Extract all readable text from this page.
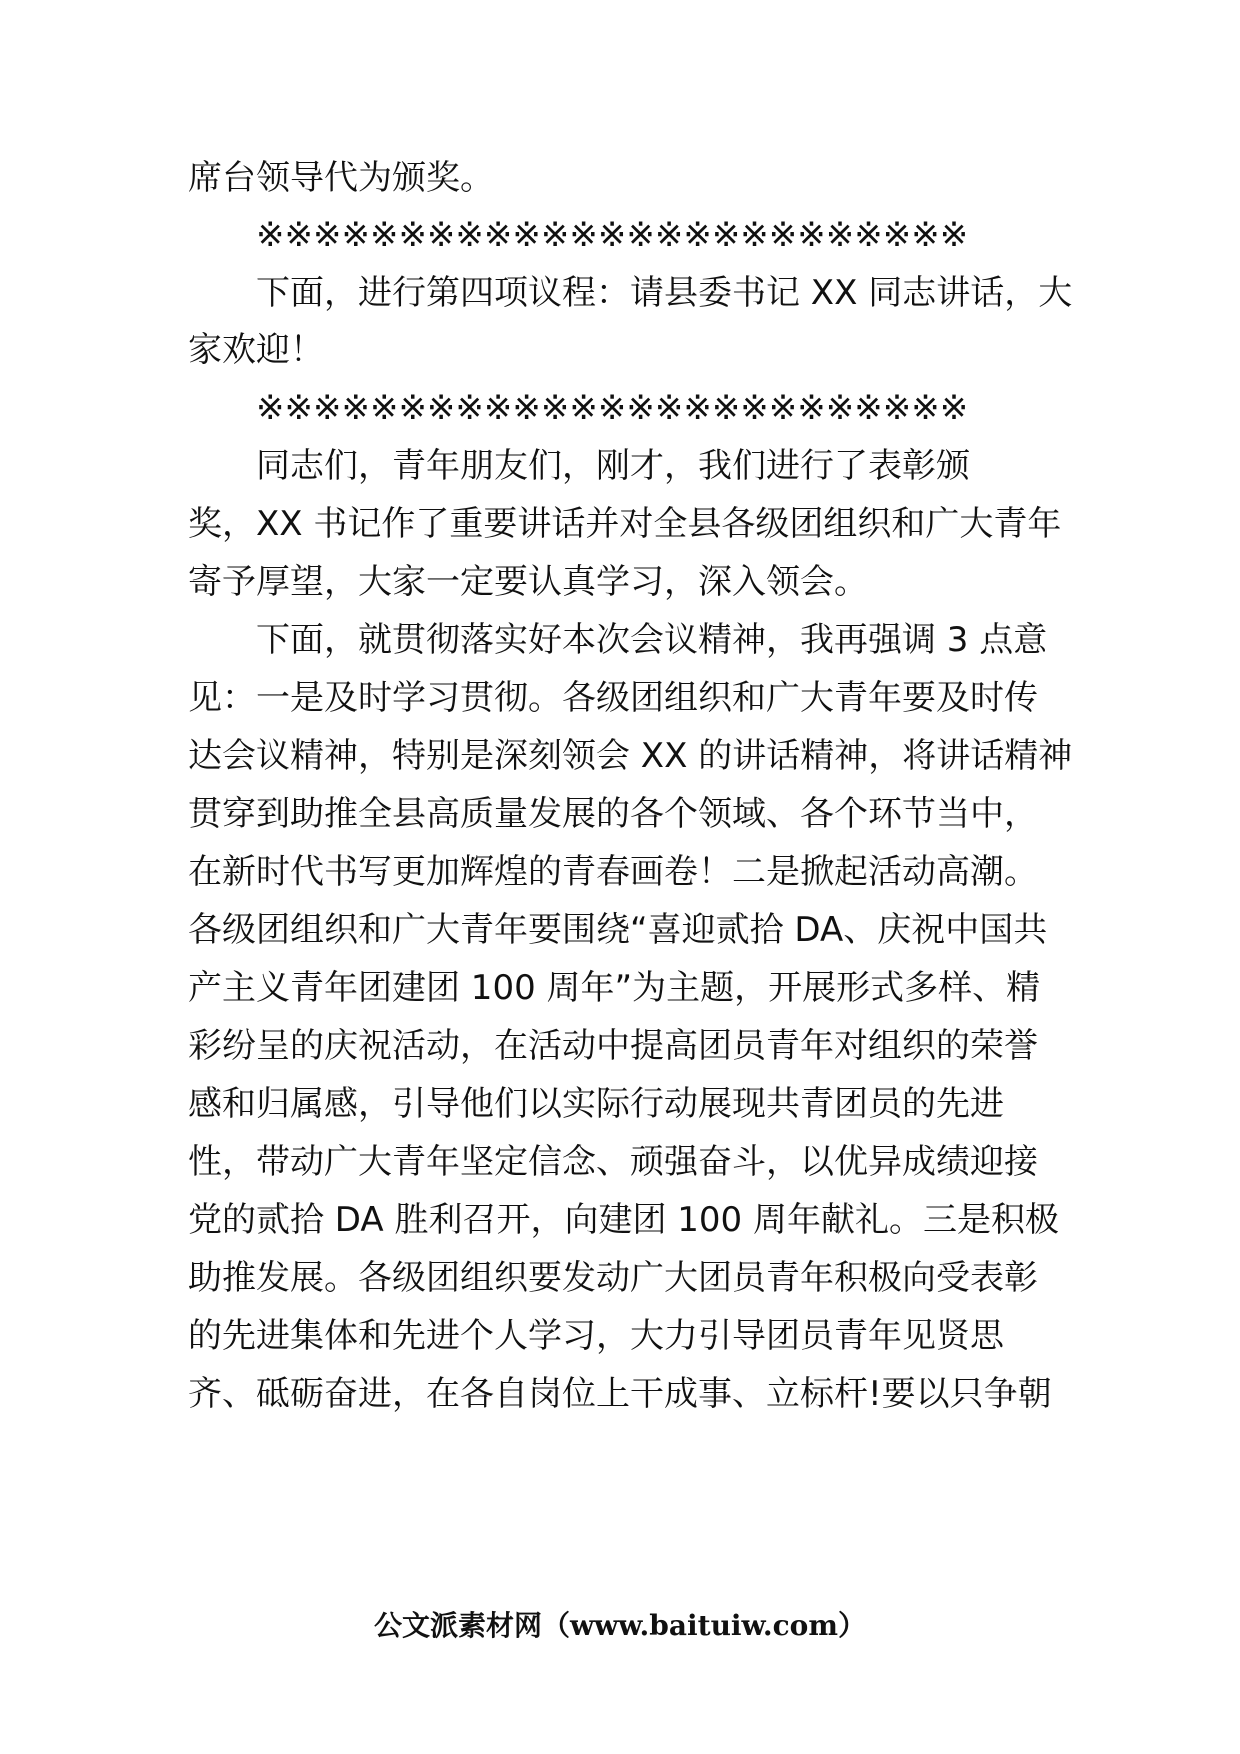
席台领导代为颁奖。
※※※※※※※※※※※※※※※※※※※※※※※※※
下面，进行第四项议程：请县委书记 XX 同志讲话，大
家欢迎！
※※※※※※※※※※※※※※※※※※※※※※※※※
同志们，青年朋友们，刚才，我们进行了表彰颁
奖，XX 书记作了重要讲话并对全县各级团组织和广大青年
寄予厚望，大家一定要认真学习，深入领会。
下面，就贯彻落实好本次会议精神，我再强调 3 点意
见：一是及时学习贯彻。各级团组织和广大青年要及时传
达会议精神，特别是深刻领会 XX 的讲话精神，将讲话精神
贯穿到助推全县高质量发展的各个领域、各个环节当中，
在新时代书写更加辉煌的青春画卷！二是掀起活动高潮。
各级团组织和广大青年要围绕“喜迎贰拾 DA、庆祝中国共
产主义青年团建团 100 周年”为主题，开展形式多样、精
彩纷呈的庆祝活动，在活动中提高团员青年对组织的荣誉
感和归属感，引导他们以实际行动展现共青团员的先进
性，带动广大青年坚定信念、顽强奋斗，以优异成绩迎接
党的贰拾 DA 胜利召开，向建团 100 周年献礼。三是积极
助推发展。各级团组织要发动广大团员青年积极向受表彰
的先进集体和先进个人学习，大力引导团员青年见贤思
齐、砥砺奋进，在各自岗位上干成事、立标杆!要以只争朝
公文派素材网（www.baituiw.com）
